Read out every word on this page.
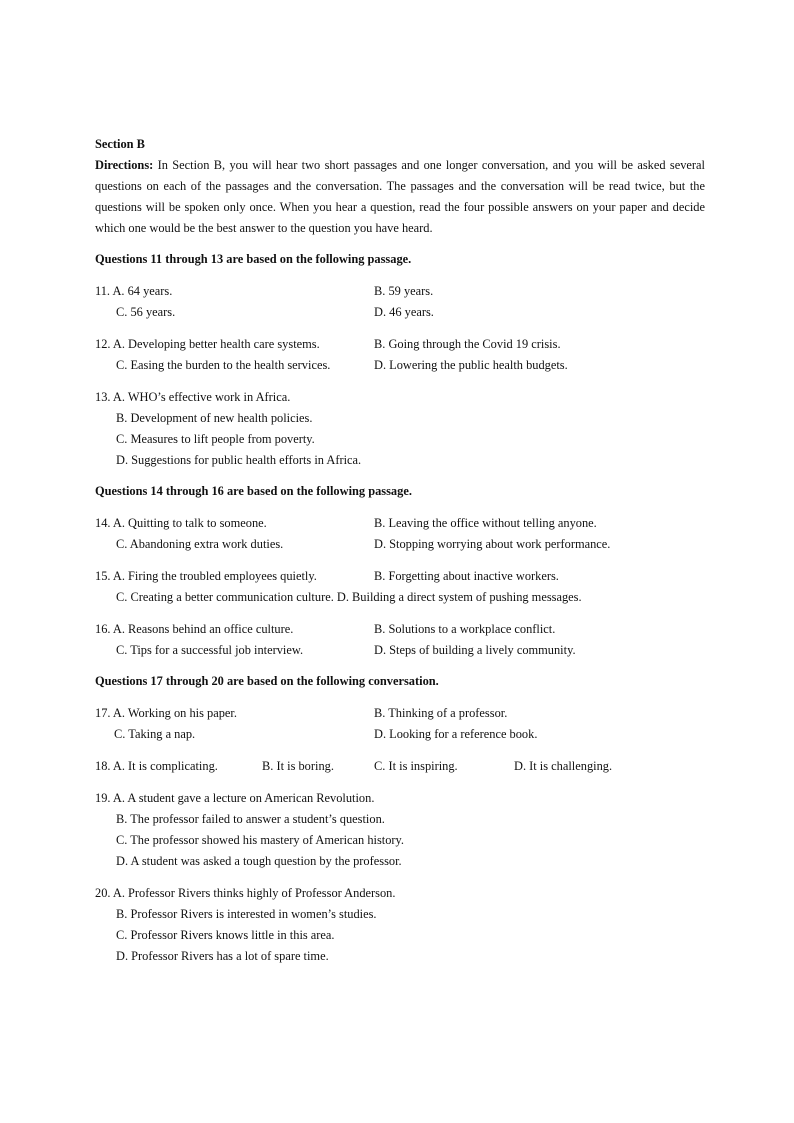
Section B

Directions: In Section B, you will hear two short passages and one longer conversation, and you will be asked several questions on each of the passages and the conversation. The passages and the conversation will be read twice, but the questions will be spoken only once. When you hear a question, read the four possible answers on your paper and decide which one would be the best answer to the question you have heard.

Questions 11 through 13 are based on the following passage.
11. A. 64 years.	B. 59 years.
C. 56 years.	D. 46 years.
12. A. Developing better health care systems.	B. Going through the Covid 19 crisis.
C. Easing the burden to the health services.	D. Lowering the public health budgets.
13. A. WHO’s effective work in Africa.
B. Development of new health policies.
C. Measures to lift people from poverty.
D. Suggestions for public health efforts in Africa.
Questions 14 through 16 are based on the following passage.
14. A. Quitting to talk to someone.	B. Leaving the office without telling anyone.
C. Abandoning extra work duties.	D. Stopping worrying about work performance.
15. A. Firing the troubled employees quietly.	B. Forgetting about inactive workers.
C. Creating a better communication culture. D. Building a direct system of pushing messages.
16. A. Reasons behind an office culture.	B. Solutions to a workplace conflict.
C. Tips for a successful job interview.	D. Steps of building a lively community.
Questions 17 through 20 are based on the following conversation.
17. A. Working on his paper.	B. Thinking of a professor.
C. Taking a nap.	D. Looking for a reference book.
18. A. It is complicating.	B. It is boring.	C. It is inspiring.	D. It is challenging.
19. A. A student gave a lecture on American Revolution.
B. The professor failed to answer a student’s question.
C. The professor showed his mastery of American history.
D. A student was asked a tough question by the professor.
20. A. Professor Rivers thinks highly of Professor Anderson.
B. Professor Rivers is interested in women’s studies.
C. Professor Rivers knows little in this area.
D. Professor Rivers has a lot of spare time.
